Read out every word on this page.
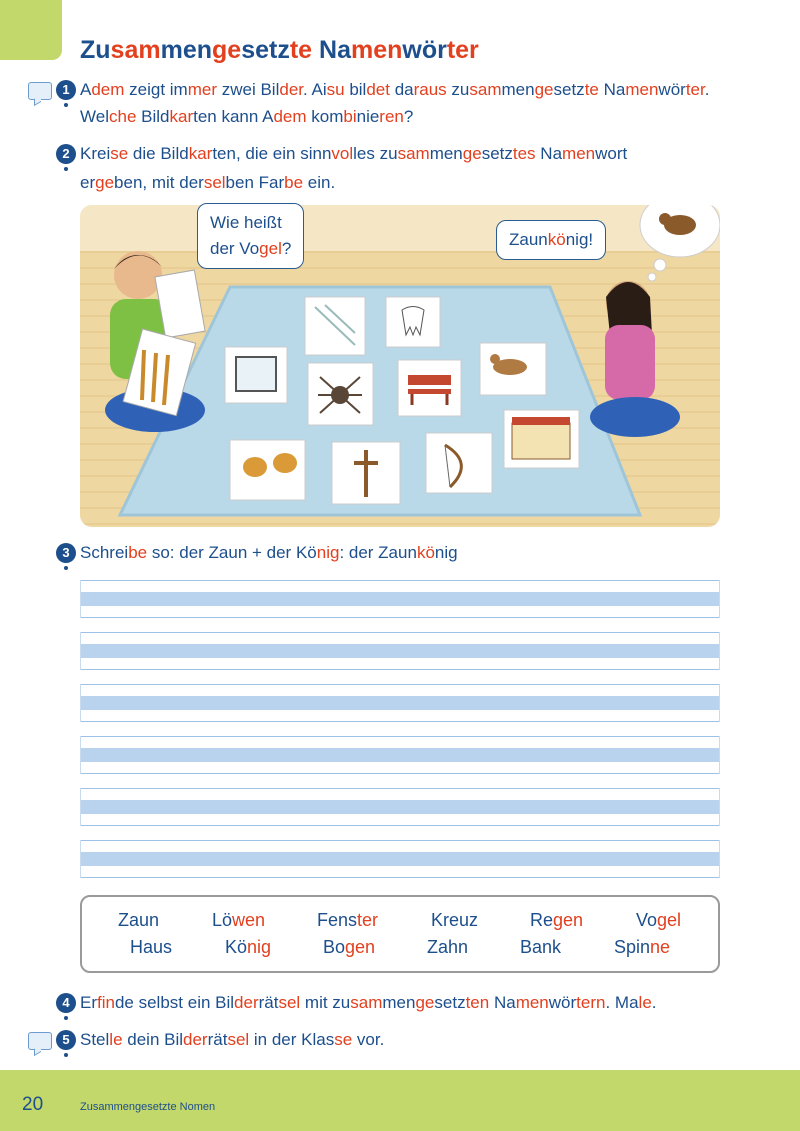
Zusammengesetzte Namenwörter
1 Adem zeigt immer zwei Bilder. Aisu bildet daraus zusammengesetzte Namenwörter.
Welche Bildkarten kann Adem kombinieren?
2 Kreise die Bildkarten, die ein sinnvolles zusammengesetztes Namenwort
ergeben, mit derselben Farbe ein.
Wie heißt
der Vogel?	Zaunkönig!
3 Schreibe so: der Zaun + der König: der Zaunkönig
Zaun	Löwen	Fenster	Kreuz	Regen	Vogel
Haus	König	Bogen	Zahn	Bank	Spinne
4 Erfinde selbst ein Bilderrätsel mit zusammengesetzten Namenwörtern. Male.
5 Stelle dein Bilderrätsel in der Klasse vor.
20	Zusammengesetzte Nomen
